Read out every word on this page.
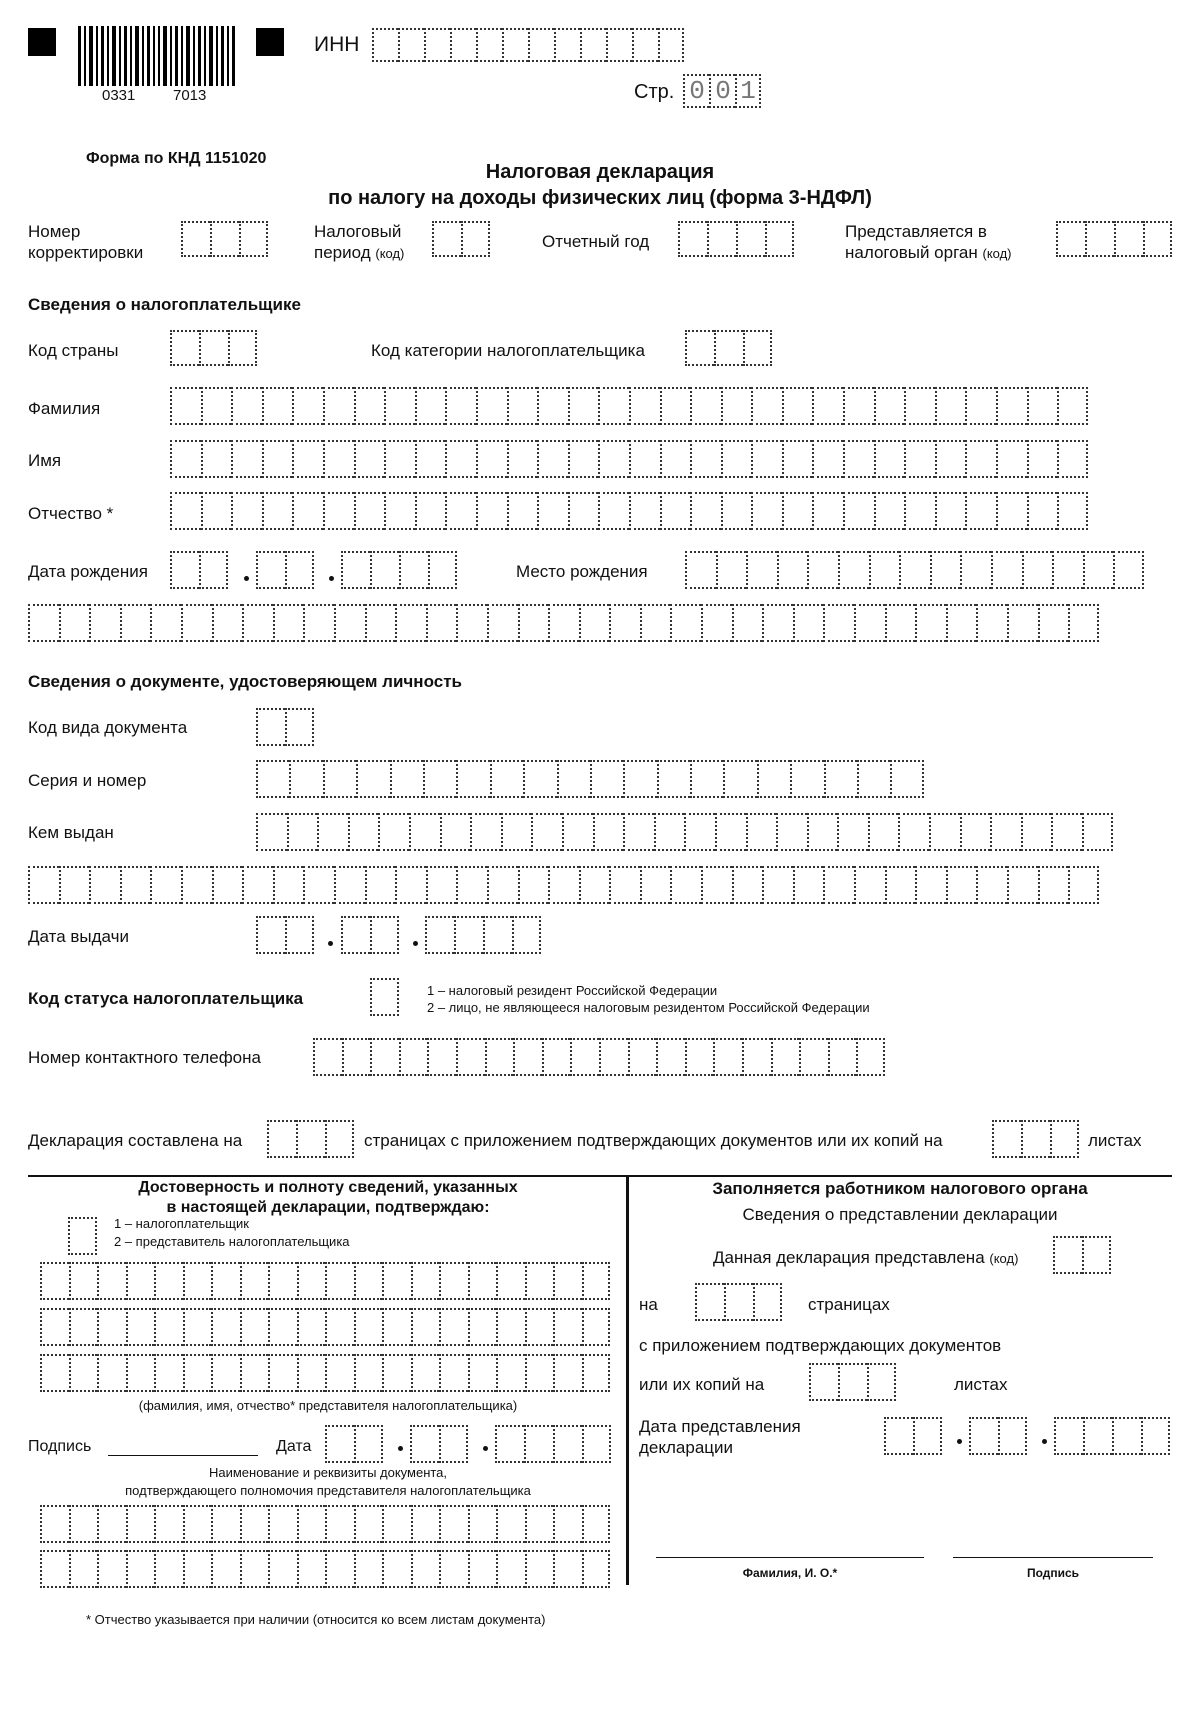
0331	7013
ИНН
Стр. 0 0 1
Форма по КНД 1151020
Налоговая декларация
по налогу на доходы физических лиц (форма 3-НДФЛ)
Номер
корректировки
Налоговый
период (код)
Отчетный год
Представляется в
налоговый орган (код)
Сведения о налогоплательщике
Код страны	Код категории налогоплательщика
Фамилия
Имя
Отчество *
Дата рождения	Место рождения
Сведения о документе, удостоверяющем личность
Код вида документа
Серия и номер
Кем выдан
Дата выдачи
Код статуса налогоплательщика	1 – налоговый резидент Российской Федерации
2 – лицо, не являющееся налоговым резидентом Российской Федерации
Номер контактного телефона
Декларация составлена на	страницах с приложением подтверждающих документов или их копий на	листах
Достоверность и полноту сведений, указанных
в настоящей декларации, подтверждаю:
1 – налогоплательщик
2 – представитель налогоплательщика
(фамилия, имя, отчество* представителя налогоплательщика)
Подпись	Дата
Наименование и реквизиты документа,
подтверждающего полномочия представителя налогоплательщика
Заполняется работником налогового органа
Сведения о представлении декларации
Данная декларация представлена (код)
на	страницах
с приложением подтверждающих документов
или их копий на	листах
Дата представления
декларации
Фамилия, И. О.*	Подпись
* Отчество указывается при наличии (относится ко всем листам документа)
